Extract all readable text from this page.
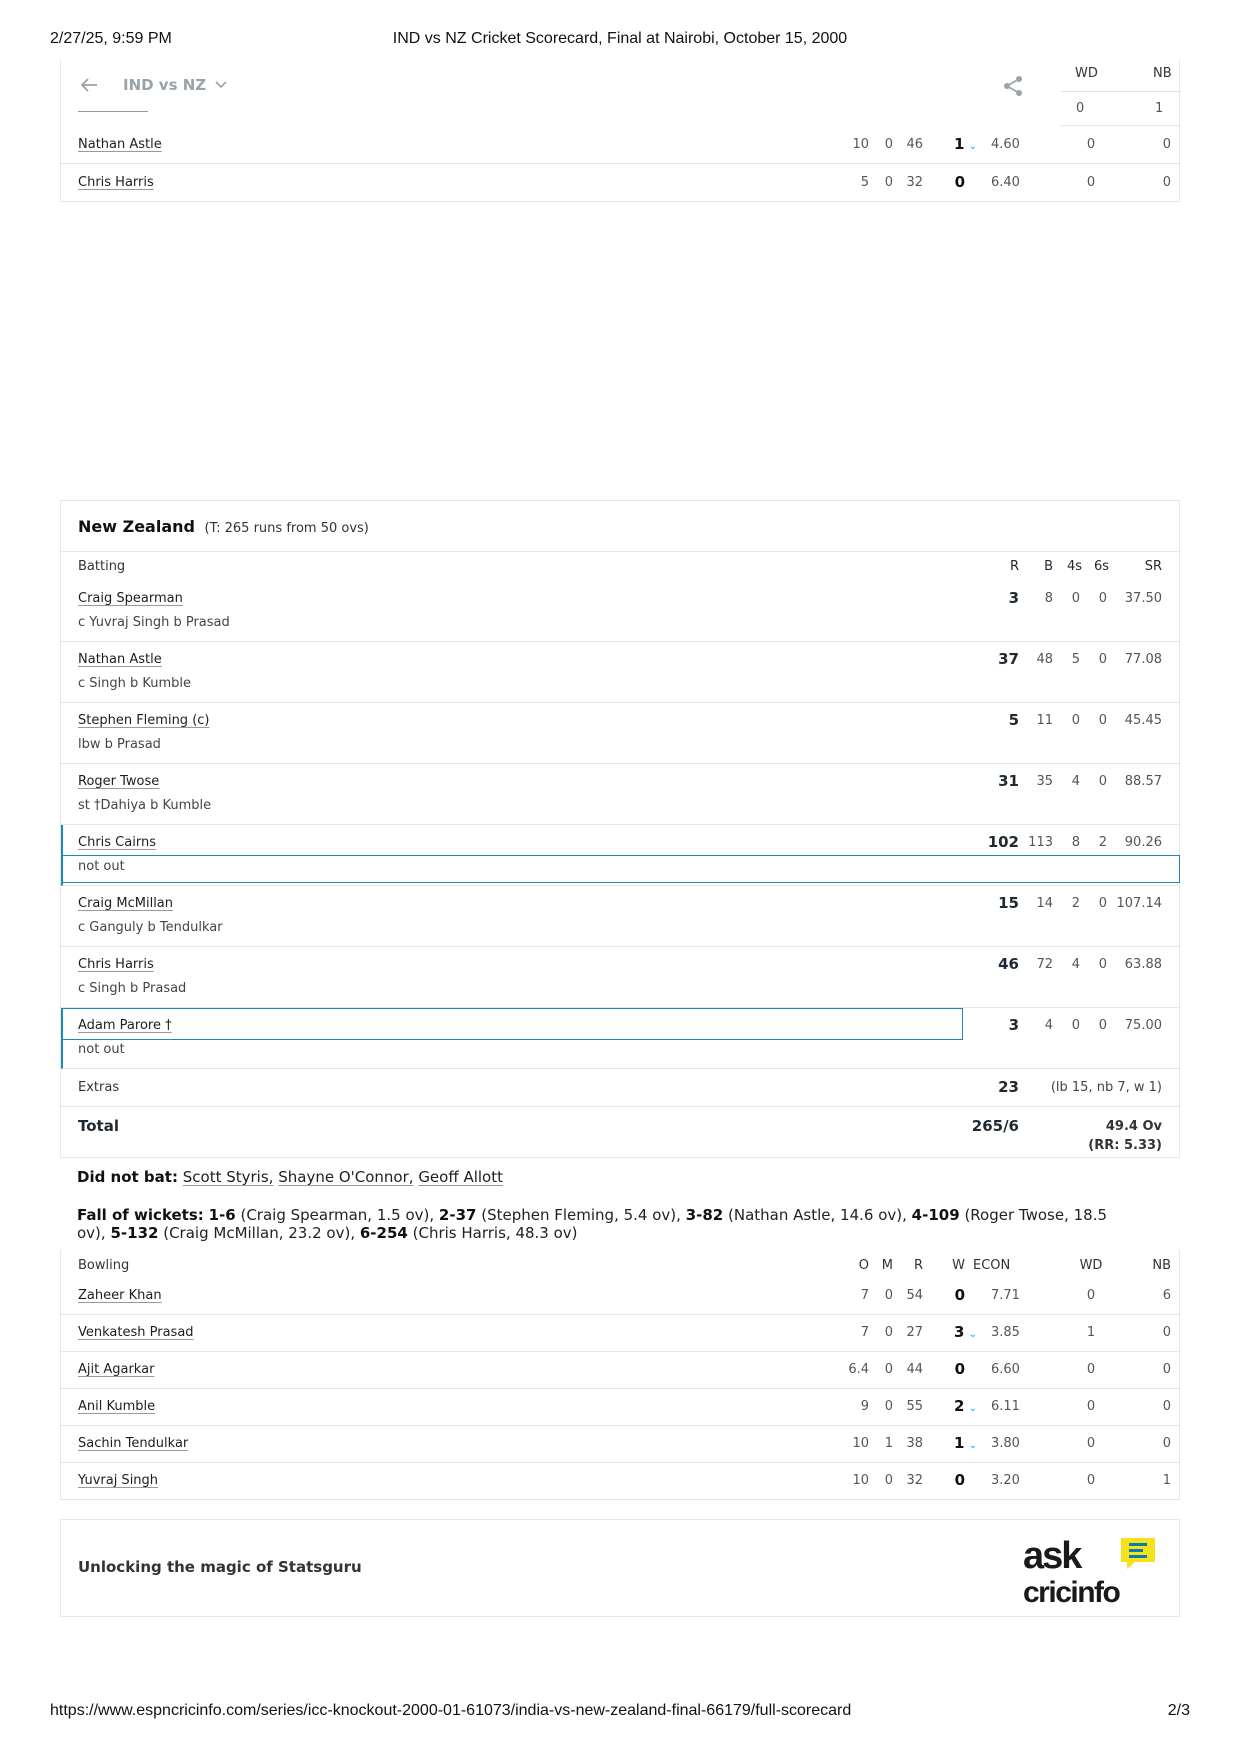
2/27/25, 9:59 PM	IND vs NZ Cricket Scorecard, Final at Nairobi, October 15, 2000
IND vs NZ
WD	NB
0	1
Nathan Astle	10	0	46	1 ⌄	4.60	0	0
Chris Harris	5	0	32	0	6.40	0	0
New Zealand (T: 265 runs from 50 ovs)
Batting	R	B	4s 6s	SR
Craig Spearman
c Yuvraj Singh b Prasad
3	8	0	0	37.50
Nathan Astle
c Singh b Kumble
37	48	5	0	77.08
Stephen Fleming (c)
lbw b Prasad
5	11	0	0	45.45
Roger Twose
st †Dahiya b Kumble
31	35	4	0	88.57
Chris Cairns
not out
102 113	8	2	90.26
Craig McMillan
c Ganguly b Tendulkar
15	14	2	0 107.14
Chris Harris
c Singh b Prasad
46	72	4	0	63.88
Adam Parore †
not out
3	4	0	0	75.00
Extras	23 (lb 15, nb 7, w 1)
Total	265/6	49.4 Ov
(RR: 5.33)
Did not bat: Scott Styris, Shayne O'Connor, Geoff Allott
Fall of wickets: 1-6 (Craig Spearman, 1.5 ov), 2-37 (Stephen Fleming, 5.4 ov), 3-82 (Nathan Astle, 14.6 ov), 4-109 (Roger Twose, 18.5 ov), 5-132 (Craig McMillan, 23.2 ov), 6-254 (Chris Harris, 48.3 ov)
Bowling	O M	R	W ECON	WD	NB
Zaheer Khan	7	0	54	0	7.71	0	6
Venkatesh Prasad	7	0	27	3 ⌄	3.85	1	0
Ajit Agarkar	6.4	0	44	0	6.60	0	0
Anil Kumble	9	0	55	2 ⌄	6.11	0	0
Sachin Tendulkar	10	1	38	1 ⌄	3.80	0	0
Yuvraj Singh	10	0	32	0	3.20	0	1
Unlocking the magic of Statsguru	ask
cricinfo
https://www.espncricinfo.com/series/icc-knockout-2000-01-61073/india-vs-new-zealand-final-66179/full-scorecard	2/3
